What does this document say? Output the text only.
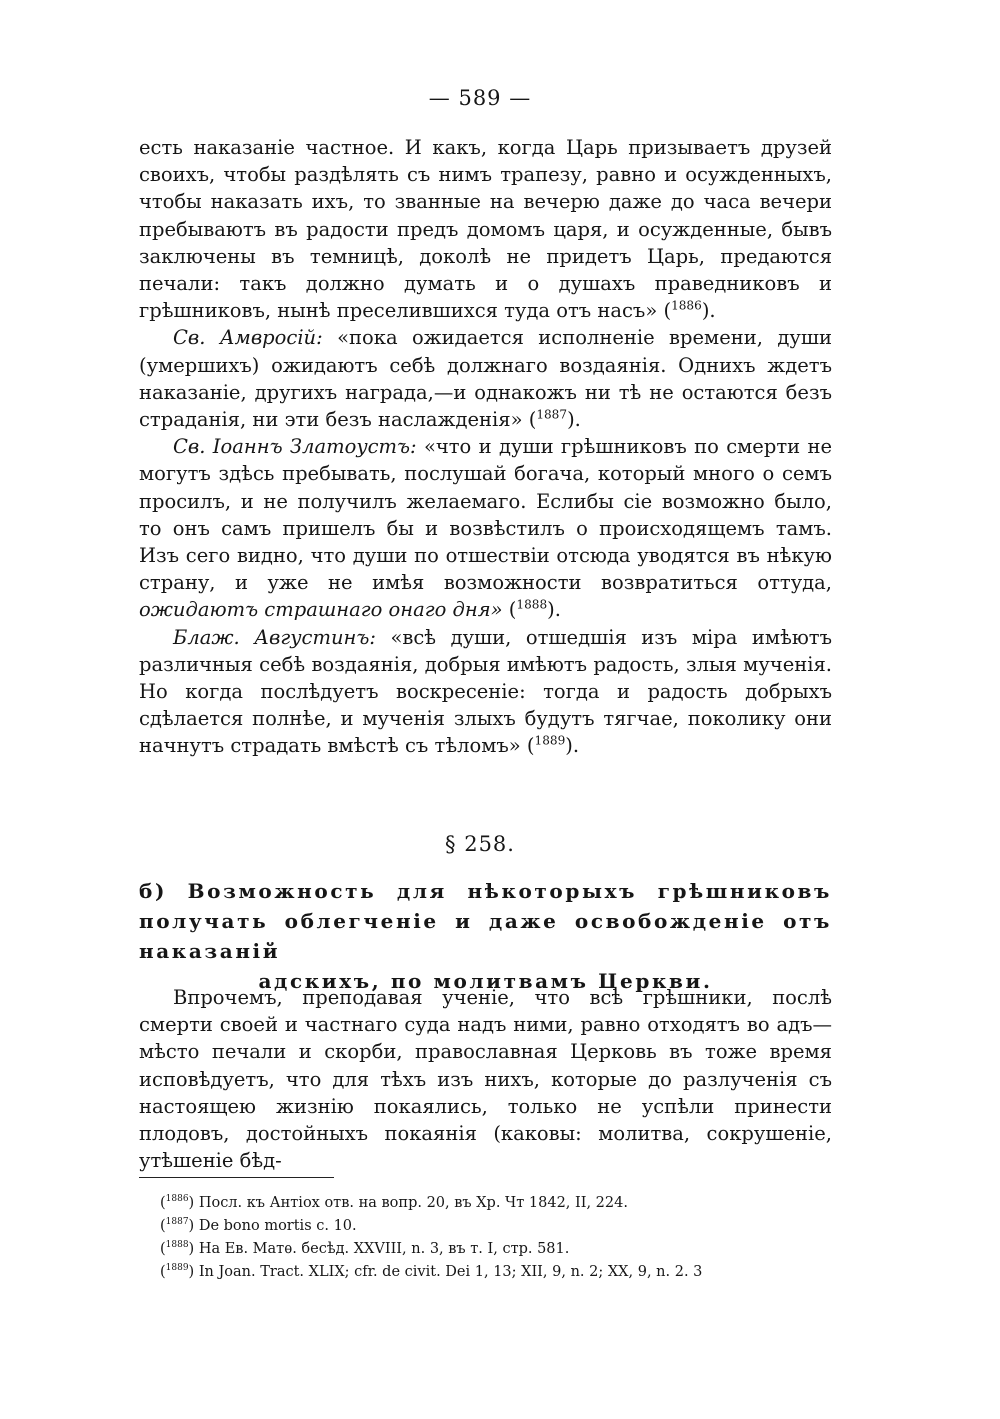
— 589 —

есть наказанiе частное. И какъ, когда Царь призываетъ друзей своихъ, чтобы раздѣлять съ нимъ трапезу, равно и осужденныхъ, чтобы наказать ихъ, то званные на вечерю даже до часа вечери пребываютъ въ радости предъ домомъ царя, и осужденные, бывъ заключены въ темницѣ, доколѣ не придетъ Царь, предаются печали: такъ должно думать и о душахъ праведниковъ и грѣшниковъ, нынѣ преселившихся туда отъ насъ» ($^{1886}$).

Св. Амвросiй: «пока ожидается исполненiе времени, души (умершихъ) ожидаютъ себѣ должнаго воздаянiя. Однихъ ждетъ наказанiе, другихъ награда,—и однакожъ ни тѣ не остаются безъ страданiя, ни эти безъ наслажденiя» ($^{1887}$).

Св. Iоаннъ Златоустъ: «что и души грѣшниковъ по смерти не могутъ здѣсь пребывать, послушай богача, который много о семъ просилъ, и не получилъ желаемаго. Еслибы сiе возможно было, то онъ самъ пришелъ бы и возвѣстилъ о происходящемъ тамъ. Изъ сего видно, что души по отшествiи отсюда уводятся въ нѣкую страну, и уже не имѣя возможности возвратиться оттуда, ожидаютъ страшнаго онаго дня» ($^{1888}$).

Блаж. Августинъ: «всѣ души, отшедшiя изъ мiра имѣютъ различныя себѣ воздаянiя, добрыя имѣютъ радость, злыя мученiя. Но когда послѣдуетъ воскресенiе: тогда и радость добрыхъ сдѣлается полнѣе, и мученiя злыхъ будутъ тягчае, поколику они начнутъ страдать вмѣстѣ съ тѣломъ» ($^{1889}$).

§ 258.
б) Возможность для нѣкоторыхъ грѣшниковъ получать облегченiе и даже освобожденiе отъ наказанiй
адскихъ, по молитвамъ Церкви.

Впрочемъ, преподавая ученiе, что всѣ грѣшники, послѣ смерти своей и частнаго суда надъ ними, равно отходятъ во адъ—мѣсто печали и скорби, православная Церковь въ тоже время исповѣдуетъ, что для тѣхъ изъ нихъ, которые до разлученiя съ настоящею жизнiю покаялись, только не успѣли принести плодовъ, достойныхъ покаянiя (каковы: молитва, сокрушенiе, утѣшенiе бѣд-

($^{1886}$) Посл. къ Антiох отв. на вопр. 20, въ Хр. Чт 1842, II, 224.

($^{1887}$) De bono mortis c. 10.

($^{1888}$) На Ев. Матѳ. бесѣд. XXVIII, n. 3, въ т. I, стр. 581.

($^{1889}$) In Joan. Tract. XLIX; cfr. de civit. Dei 1, 13; XII, 9, n. 2; XX, 9, n. 2. 3
